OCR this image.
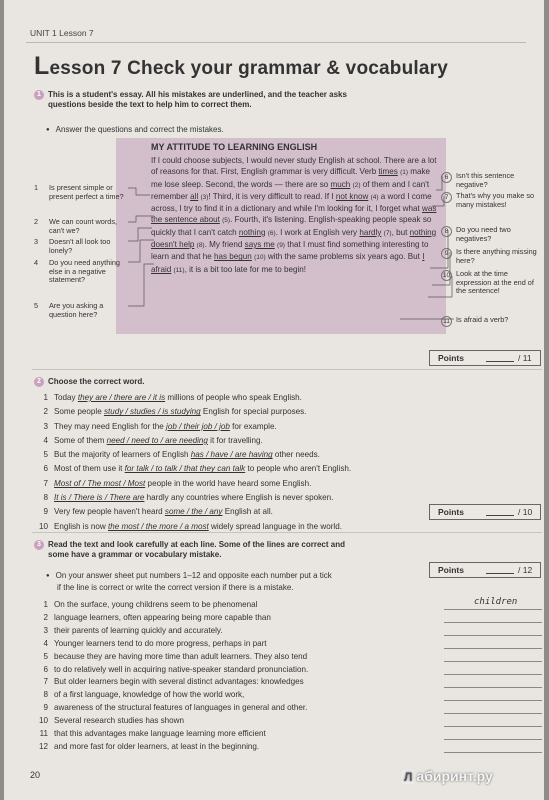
UNIT 1 Lesson 7
Lesson 7 Check your grammar & vocabulary
1 This is a student's essay. All his mistakes are underlined, and the teacher asks
questions beside the text to help him to correct them.
● Answer the questions and correct the mistakes.
MY ATTITUDE TO LEARNING ENGLISH
If I could choose subjects, I would never study English at school. There are a lot of reasons for that. First, English grammar is very difficult. Verb times (1) make me lose sleep. Second, the words — there are so much (2) of them and I can't remember all (3)! Third, it is very difficult to read. If I not know (4) a word I come across, I try to find it in a dictionary and while I'm looking for it, I forget what was the sentence about (5). Fourth, it's listening. English-speaking people speak so quickly that I can't catch nothing (6). I work at English very hardly (7), but nothing doesn't help (8). My friend says me (9) that I must find something interesting to learn and that he has begun (10) with the same problems six years ago. But I afraid (11), it is a bit too late for me to begin!
1	Is present simple or present perfect a time?
2	We can count words, can't we?
3	Doesn't all look too lonely?
4	Do you need anything else in a negative statement?
5	Are you asking a question here?
6	Isn't this sentence negative?
7	That's why you make so many mistakes!
8	Do you need two negatives?
9	Is there anything missing here?
10 Look at the time expression at the end of the sentence!
11 Is afraid a verb?
Points	/ 11
2 Choose the correct word.
1 Today they are / there are / it is millions of people who speak English.
2 Some people study / studies / is studying English for special purposes.
3 They may need English for the job / their job / job for example.
4 Some of them need / need to / are needing it for travelling.
5 But the majority of learners of English has / have / are having other needs.
6 Most of them use it for talk / to talk / that they can talk to people who aren't English.
7 Most of / The most / Most people in the world have heard some English.
8 It is / There is / There are hardly any countries where English is never spoken.
9 Very few people haven't heard some / the / any English at all.
10 English is now the most / the more / a most widely spread language in the world.
Points	/ 10
3 Read the text and look carefully at each line. Some of the lines are correct and
some have a grammar or vocabulary mistake.
● On your answer sheet put numbers 1–12 and opposite each number put a tick
if the line is correct or write the correct version if there is a mistake.
Points	/ 12
1 On the surface, young childrens seem to be phenomenal
2 language learners, often appearing being more capable than
3 their parents of learning quickly and accurately.
4 Younger learners tend to do more progress, perhaps in part
5 because they are having more time than adult learners. They also tend
6 to do relatively well in acquiring native-speaker standard pronunciation.
7 But older learners begin with several distinct advantages: knowledges
8 of a first language, knowledge of how the world work,
9 awareness of the structural features of languages in general and other.
10 Several research studies has shown
11 that this advantages make language learning more efficient
12 and more fast for older learners, at least in the beginning.
children
20	Л абиринт.ру
